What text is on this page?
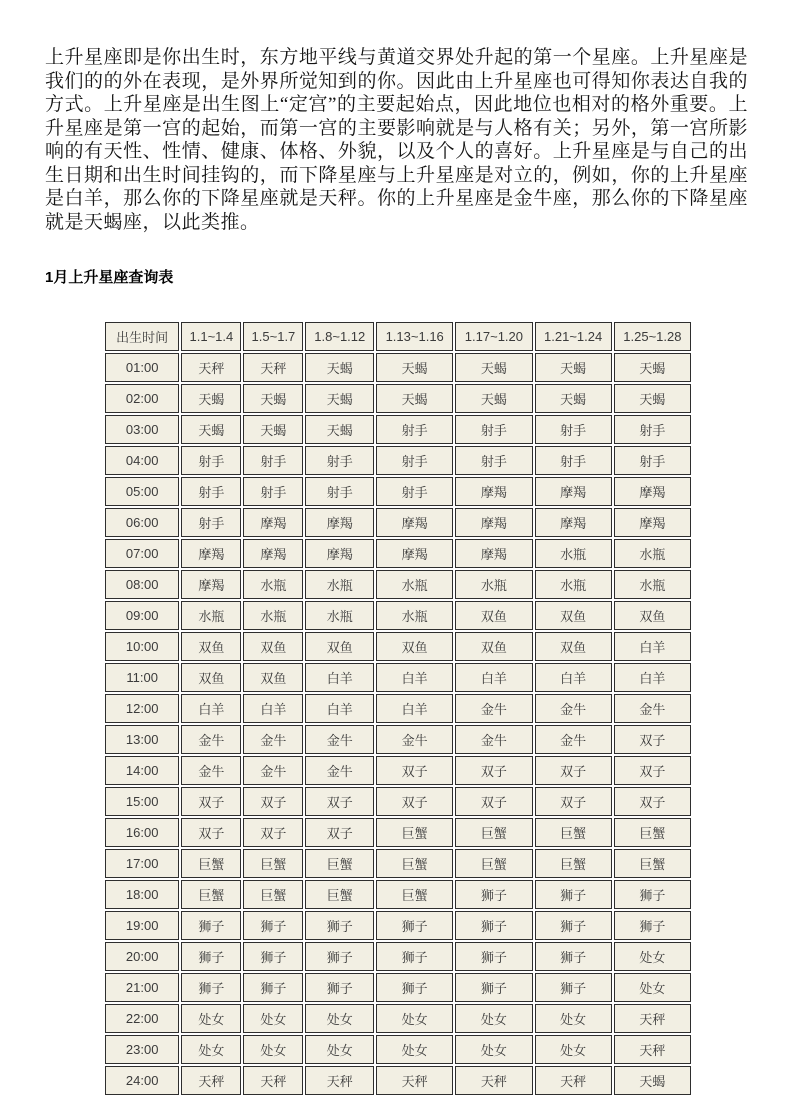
上升星座即是你出生时，东方地平线与黄道交界处升起的第一个星座。上升星座是我们的的外在表现，是外界所觉知到的你。因此由上升星座也可得知你表达自我的方式。上升星座是出生图上“定宫”的主要起始点，因此地位也相对的格外重要。上升星座是第一宫的起始，而第一宫的主要影响就是与人格有关；另外，第一宫所影响的有天性、性情、健康、体格、外貌，以及个人的喜好。上升星座是与自己的出生日期和出生时间挂钩的，而下降星座与上升星座是对立的，例如，你的上升星座是白羊，那么你的下降星座就是天秤。你的上升星座是金牛座，那么你的下降星座就是天蝎座，以此类推。

1月上升星座查询表
出生时间	1.1~1.4	1.5~1.7	1.8~1.12	1.13~1.16	1.17~1.20	1.21~1.24	1.25~1.28
01:00	天秤	天秤	天蝎	天蝎	天蝎	天蝎	天蝎
02:00	天蝎	天蝎	天蝎	天蝎	天蝎	天蝎	天蝎
03:00	天蝎	天蝎	天蝎	射手	射手	射手	射手
04:00	射手	射手	射手	射手	射手	射手	射手
05:00	射手	射手	射手	射手	摩羯	摩羯	摩羯
06:00	射手	摩羯	摩羯	摩羯	摩羯	摩羯	摩羯
07:00	摩羯	摩羯	摩羯	摩羯	摩羯	水瓶	水瓶
08:00	摩羯	水瓶	水瓶	水瓶	水瓶	水瓶	水瓶
09:00	水瓶	水瓶	水瓶	水瓶	双鱼	双鱼	双鱼
10:00	双鱼	双鱼	双鱼	双鱼	双鱼	双鱼	白羊
11:00	双鱼	双鱼	白羊	白羊	白羊	白羊	白羊
12:00	白羊	白羊	白羊	白羊	金牛	金牛	金牛
13:00	金牛	金牛	金牛	金牛	金牛	金牛	双子
14:00	金牛	金牛	金牛	双子	双子	双子	双子
15:00	双子	双子	双子	双子	双子	双子	双子
16:00	双子	双子	双子	巨蟹	巨蟹	巨蟹	巨蟹
17:00	巨蟹	巨蟹	巨蟹	巨蟹	巨蟹	巨蟹	巨蟹
18:00	巨蟹	巨蟹	巨蟹	巨蟹	狮子	狮子	狮子
19:00	狮子	狮子	狮子	狮子	狮子	狮子	狮子
20:00	狮子	狮子	狮子	狮子	狮子	狮子	处女
21:00	狮子	狮子	狮子	狮子	狮子	狮子	处女
22:00	处女	处女	处女	处女	处女	处女	天秤
23:00	处女	处女	处女	处女	处女	处女	天秤
24:00	天秤	天秤	天秤	天秤	天秤	天秤	天蝎
